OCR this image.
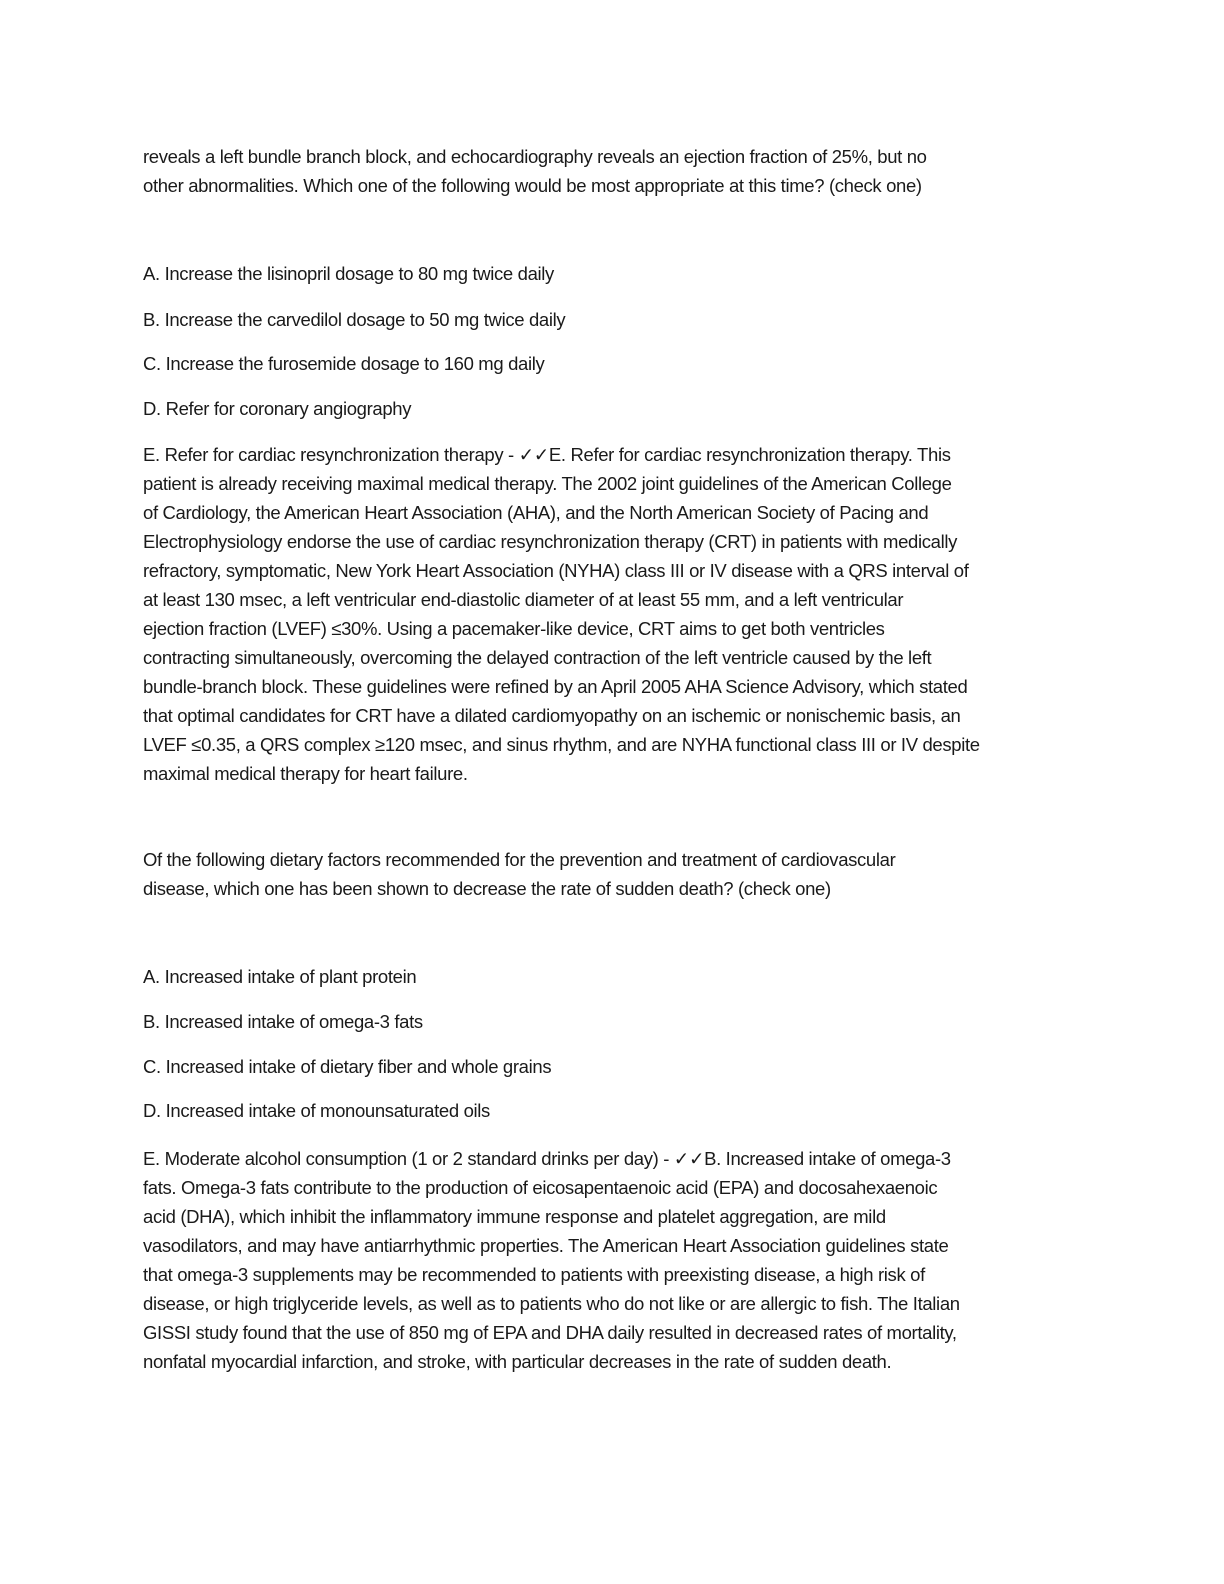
reveals a left bundle branch block, and echocardiography reveals an ejection fraction of 25%, but no
other abnormalities. Which one of the following would be most appropriate at this time? (check one)
A. Increase the lisinopril dosage to 80 mg twice daily
B. Increase the carvedilol dosage to 50 mg twice daily
C. Increase the furosemide dosage to 160 mg daily
D. Refer for coronary angiography
E. Refer for cardiac resynchronization therapy - ✓✓E. Refer for cardiac resynchronization therapy. This
patient is already receiving maximal medical therapy. The 2002 joint guidelines of the American College
of Cardiology, the American Heart Association (AHA), and the North American Society of Pacing and
Electrophysiology endorse the use of cardiac resynchronization therapy (CRT) in patients with medically
refractory, symptomatic, New York Heart Association (NYHA) class III or IV disease with a QRS interval of
at least 130 msec, a left ventricular end-diastolic diameter of at least 55 mm, and a left ventricular
ejection fraction (LVEF) ≤30%. Using a pacemaker-like device, CRT aims to get both ventricles
contracting simultaneously, overcoming the delayed contraction of the left ventricle caused by the left
bundle-branch block. These guidelines were refined by an April 2005 AHA Science Advisory, which stated
that optimal candidates for CRT have a dilated cardiomyopathy on an ischemic or nonischemic basis, an
LVEF ≤0.35, a QRS complex ≥120 msec, and sinus rhythm, and are NYHA functional class III or IV despite
maximal medical therapy for heart failure.
Of the following dietary factors recommended for the prevention and treatment of cardiovascular
disease, which one has been shown to decrease the rate of sudden death? (check one)
A. Increased intake of plant protein
B. Increased intake of omega-3 fats
C. Increased intake of dietary fiber and whole grains
D. Increased intake of monounsaturated oils
E. Moderate alcohol consumption (1 or 2 standard drinks per day) - ✓✓B. Increased intake of omega-3
fats. Omega-3 fats contribute to the production of eicosapentaenoic acid (EPA) and docosahexaenoic
acid (DHA), which inhibit the inflammatory immune response and platelet aggregation, are mild
vasodilators, and may have antiarrhythmic properties. The American Heart Association guidelines state
that omega-3 supplements may be recommended to patients with preexisting disease, a high risk of
disease, or high triglyceride levels, as well as to patients who do not like or are allergic to fish. The Italian
GISSI study found that the use of 850 mg of EPA and DHA daily resulted in decreased rates of mortality,
nonfatal myocardial infarction, and stroke, with particular decreases in the rate of sudden death.
